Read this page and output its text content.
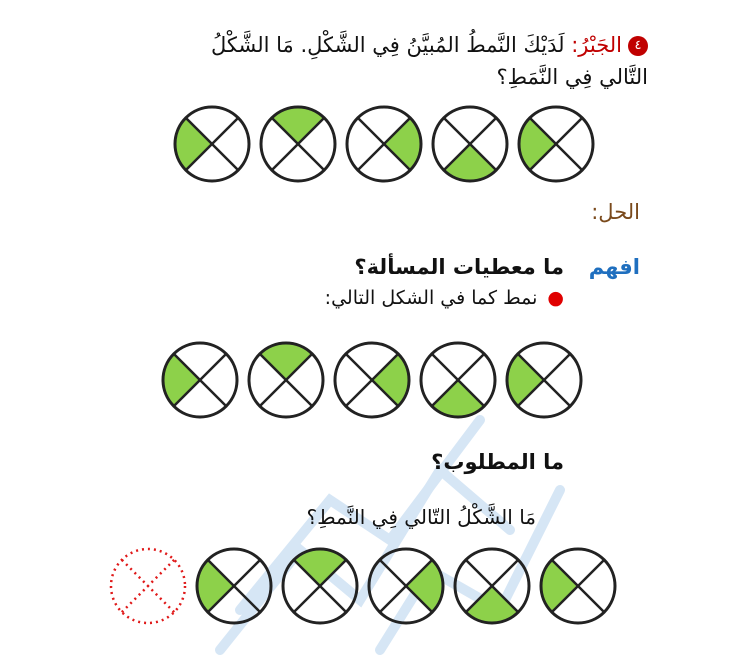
٤الجَبْرُ: لَدَيْكَ النَّمطُ المُبيَّنُ فِي الشَّكْلِ. مَا الشَّكْلُ
التَّالي فِي النَّمَطِ؟
الحل:
افهم
ما معطيات المسألة؟
●نمط كما في الشكل التالي:
ما المطلوب؟
مَا الشَّكْلُ التّالي فِي النَّمطِ؟
